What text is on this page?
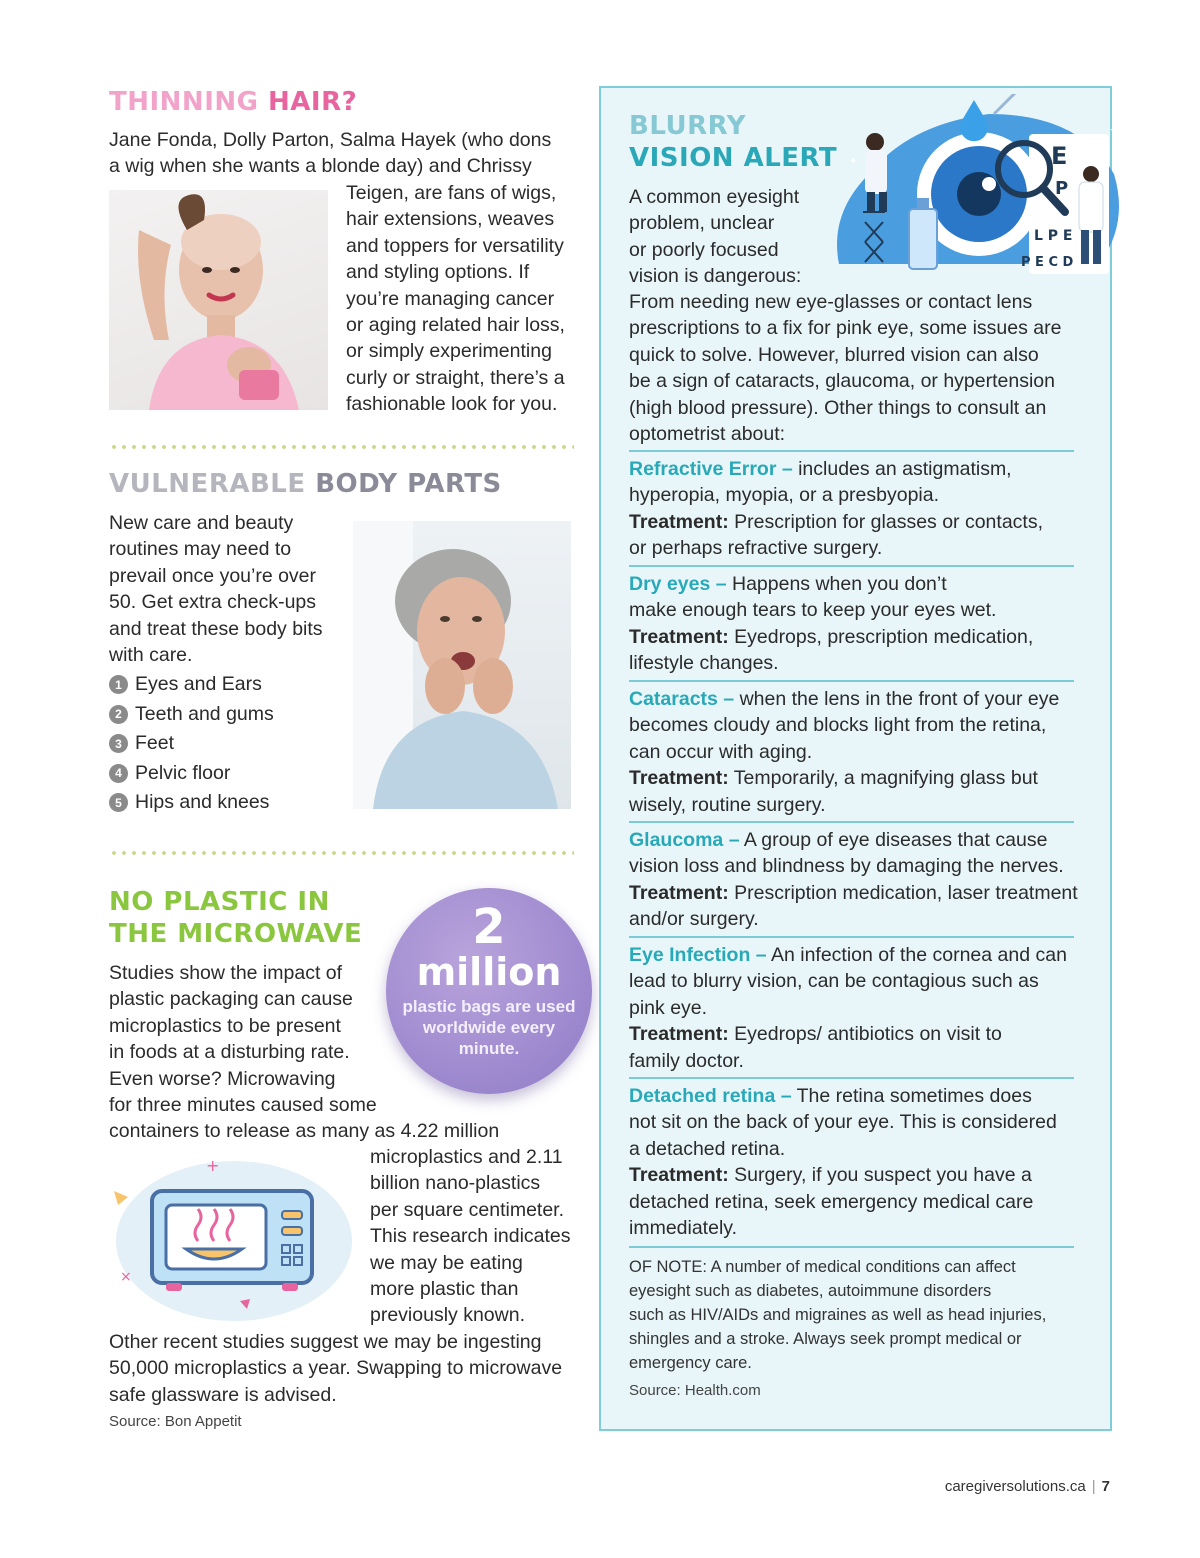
THINNING HAIR?
Jane Fonda, Dolly Parton, Salma Hayek (who dons
a wig when she wants a blonde day) and Chrissy
Teigen, are fans of wigs,
hair extensions, weaves
and toppers for versatility
and styling options. If
you’re managing cancer
or aging related hair loss,
or simply experimenting
curly or straight, there’s a
fashionable look for you.
VULNERABLE BODY PARTS
New care and beauty
routines may need to
prevail once you’re over
50. Get extra check-ups
and treat these body bits
with care.
1 Eyes and Ears
2 Teeth and gums
3 Feet
4 Pelvic floor
5 Hips and knees
NO PLASTIC IN
THE MICROWAVE	2
million
plastic bags are used worldwide every minute.
Studies show the impact of
plastic packaging can cause
microplastics to be present
in foods at a disturbing rate.
Even worse? Microwaving
for three minutes caused some
containers to release as many as 4.22 million
+
×
microplastics and 2.11
billion nano-plastics
per square centimeter.
This research indicates
we may be eating
more plastic than
previously known.
Other recent studies suggest we may be ingesting
50,000 microplastics a year. Swapping to microwave
safe glassware is advised.
Source: Bon Appetit
BLURRY
VISION ALERT	E
P
L P E
P E C D
✦
✦
A common eyesight
problem, unclear
or poorly focused
vision is dangerous:
From needing new eye-glasses or contact lens
prescriptions to a fix for pink eye, some issues are
quick to solve. However, blurred vision can also
be a sign of cataracts, glaucoma, or hypertension
(high blood pressure). Other things to consult an
optometrist about:
Refractive Error – includes an astigmatism,
hyperopia, myopia, or a presbyopia.
Treatment: Prescription for glasses or contacts,
or perhaps refractive surgery.
Dry eyes – Happens when you don’t
make enough tears to keep your eyes wet.
Treatment: Eyedrops, prescription medication,
lifestyle changes.
Cataracts – when the lens in the front of your eye
becomes cloudy and blocks light from the retina,
can occur with aging.
Treatment: Temporarily, a magnifying glass but
wisely, routine surgery.
Glaucoma – A group of eye diseases that cause
vision loss and blindness by damaging the nerves.
Treatment: Prescription medication, laser treatment
and/or surgery.
Eye Infection – An infection of the cornea and can
lead to blurry vision, can be contagious such as
pink eye.
Treatment: Eyedrops/ antibiotics on visit to
family doctor.
Detached retina – The retina sometimes does
not sit on the back of your eye. This is considered
a detached retina.
Treatment: Surgery, if you suspect you have a
detached retina, seek emergency medical care
immediately.
OF NOTE: A number of medical conditions can affect
eyesight such as diabetes, autoimmune disorders
such as HIV/AIDs and migraines as well as head injuries,
shingles and a stroke. Always seek prompt medical or
emergency care.
Source: Health.com
caregiversolutions.ca | 7
